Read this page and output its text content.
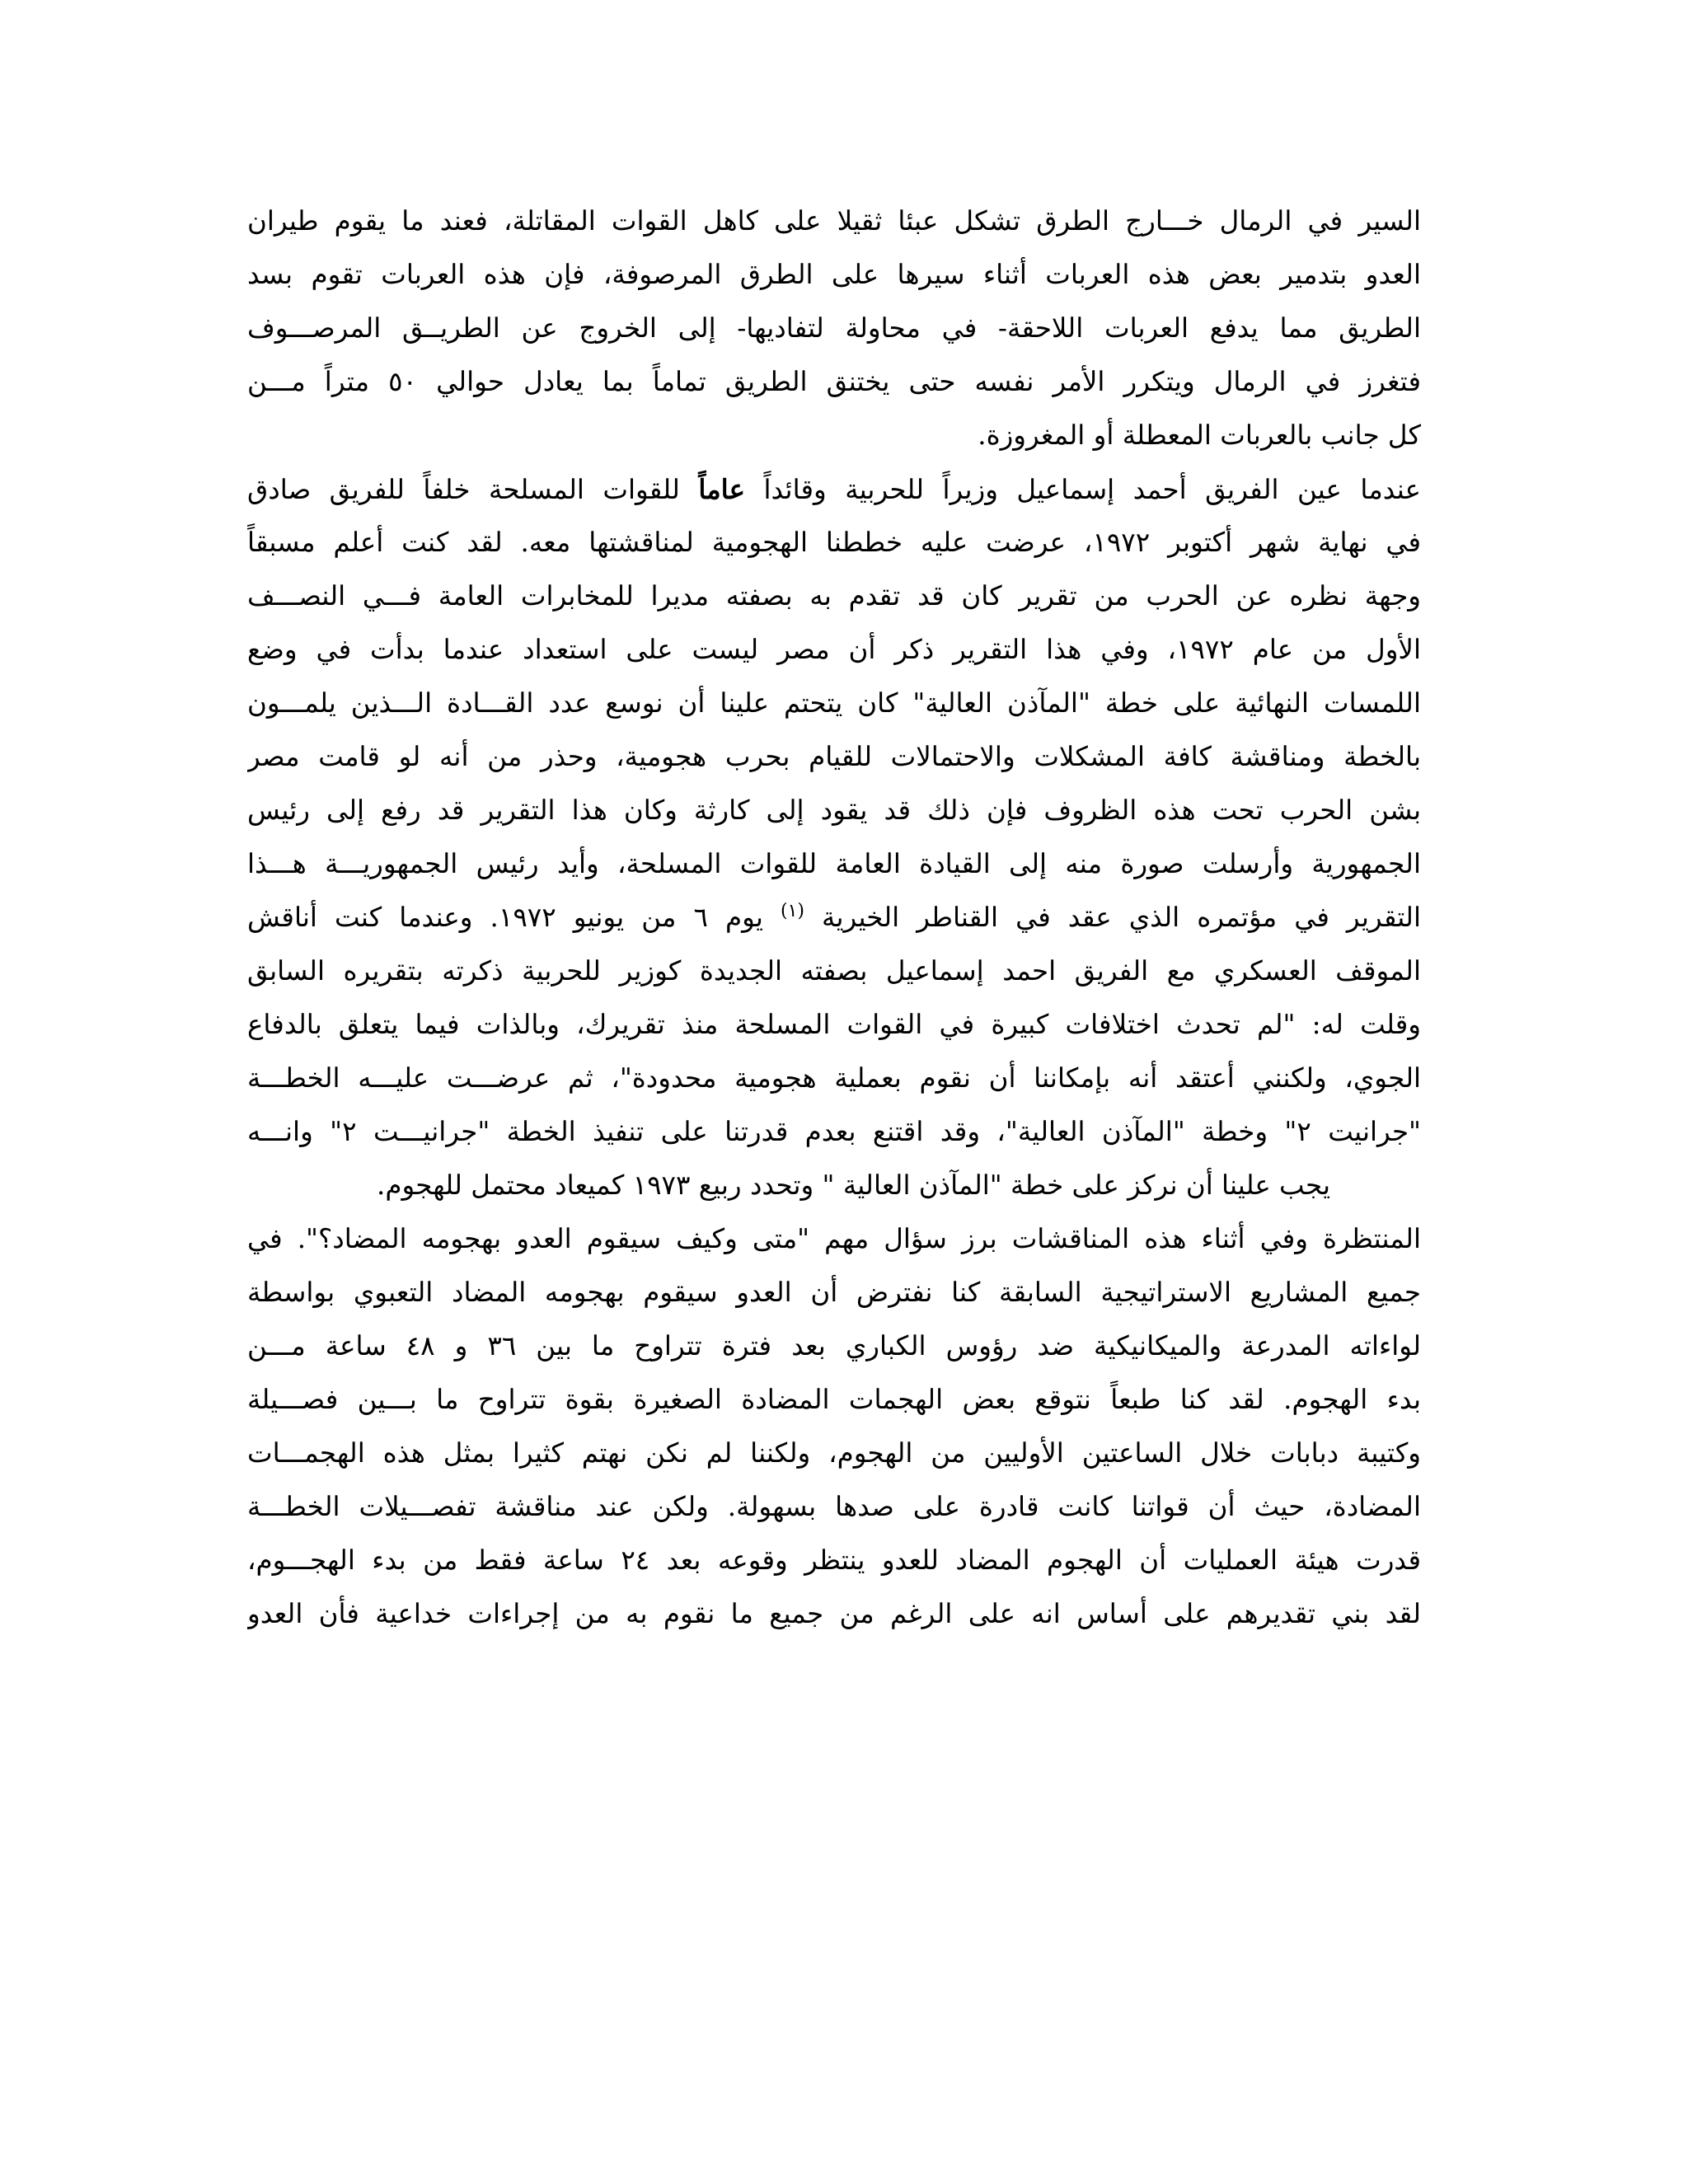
السير في الرمال خـــارج الطرق تشكل عبئا ثقيلا على كاهل القوات المقاتلة، فعند ما يقوم طيران
العدو بتدمير بعض هذه العربات أثناء سيرها على الطرق المرصوفة، فإن هذه العربات تقوم بسد
الطريق مما يدفع العربات اللاحقة- في محاولة لتفاديها- إلى الخروج عن الطريــق المرصـــوف
فتغرز في الرمال ويتكرر الأمر نفسه حتى يختنق الطريق تماماً بما يعادل حوالي ٥٠ متراً مـــن
كل جانب بالعربات المعطلة أو المغروزة.
عندما عين الفريق أحمد إسماعيل وزيراً للحربية وقائداً عاماً للقوات المسلحة خلفاً للفريق صادق
في نهاية شهر أكتوبر ١٩٧٢، عرضت عليه خططنا الهجومية لمناقشتها معه. لقد كنت أعلم مسبقاً
وجهة نظره عن الحرب من تقرير كان قد تقدم به بصفته مديرا للمخابرات العامة فـــي النصـــف
الأول من عام ١٩٧٢، وفي هذا التقرير ذكر أن مصر ليست على استعداد عندما بدأت في وضع
اللمسات النهائية على خطة "المآذن العالية" كان يتحتم علينا أن نوسع عدد القـــادة الـــذين يلمـــون
بالخطة ومناقشة كافة المشكلات والاحتمالات للقيام بحرب هجومية، وحذر من أنه لو قامت مصر
بشن الحرب تحت هذه الظروف فإن ذلك قد يقود إلى كارثة وكان هذا التقرير قد رفع إلى رئيس
الجمهورية وأرسلت صورة منه إلى القيادة العامة للقوات المسلحة، وأيد رئيس الجمهوريـــة هـــذا
التقرير في مؤتمره الذي عقد في القناطر الخيرية $^{(١)}$ يوم ٦ من يونيو ١٩٧٢. وعندما كنت أناقش
الموقف العسكري مع الفريق احمد إسماعيل بصفته الجديدة كوزير للحربية ذكرته بتقريره السابق
وقلت له: "لم تحدث اختلافات كبيرة في القوات المسلحة منذ تقريرك، وبالذات فيما يتعلق بالدفاع
الجوي، ولكنني أعتقد أنه بإمكاننا أن نقوم بعملية هجومية محدودة"، ثم عرضـــت عليـــه الخطـــة
"جرانيت ٢" وخطة "المآذن العالية"، وقد اقتنع بعدم قدرتنا على تنفيذ الخطة "جرانيـــت ٢" وانـــه
يجب علينا أن نركز على خطة "المآذن العالية " وتحدد ربيع ١٩٧٣ كميعاد محتمل للهجوم.
المنتظرة وفي أثناء هذه المناقشات برز سؤال مهم "متى وكيف سيقوم العدو بهجومه المضاد؟". في
جميع المشاريع الاستراتيجية السابقة كنا نفترض أن العدو سيقوم بهجومه المضاد التعبوي بواسطة
لواءاته المدرعة والميكانيكية ضد رؤوس الكباري بعد فترة تتراوح ما بين ٣٦ و ٤٨ ساعة مـــن
بدء الهجوم. لقد كنا طبعاً نتوقع بعض الهجمات المضادة الصغيرة بقوة تتراوح ما بـــين فصـــيلة
وكتيبة دبابات خلال الساعتين الأوليين من الهجوم، ولكننا لم نكن نهتم كثيرا بمثل هذه الهجمـــات
المضادة، حيث أن قواتنا كانت قادرة على صدها بسهولة. ولكن عند مناقشة تفصـــيلات الخطـــة
قدرت هيئة العمليات أن الهجوم المضاد للعدو ينتظر وقوعه بعد ٢٤ ساعة فقط من بدء الهجـــوم،
لقد بني تقديرهم على أساس انه على الرغم من جميع ما نقوم به من إجراءات خداعية فأن العدو
